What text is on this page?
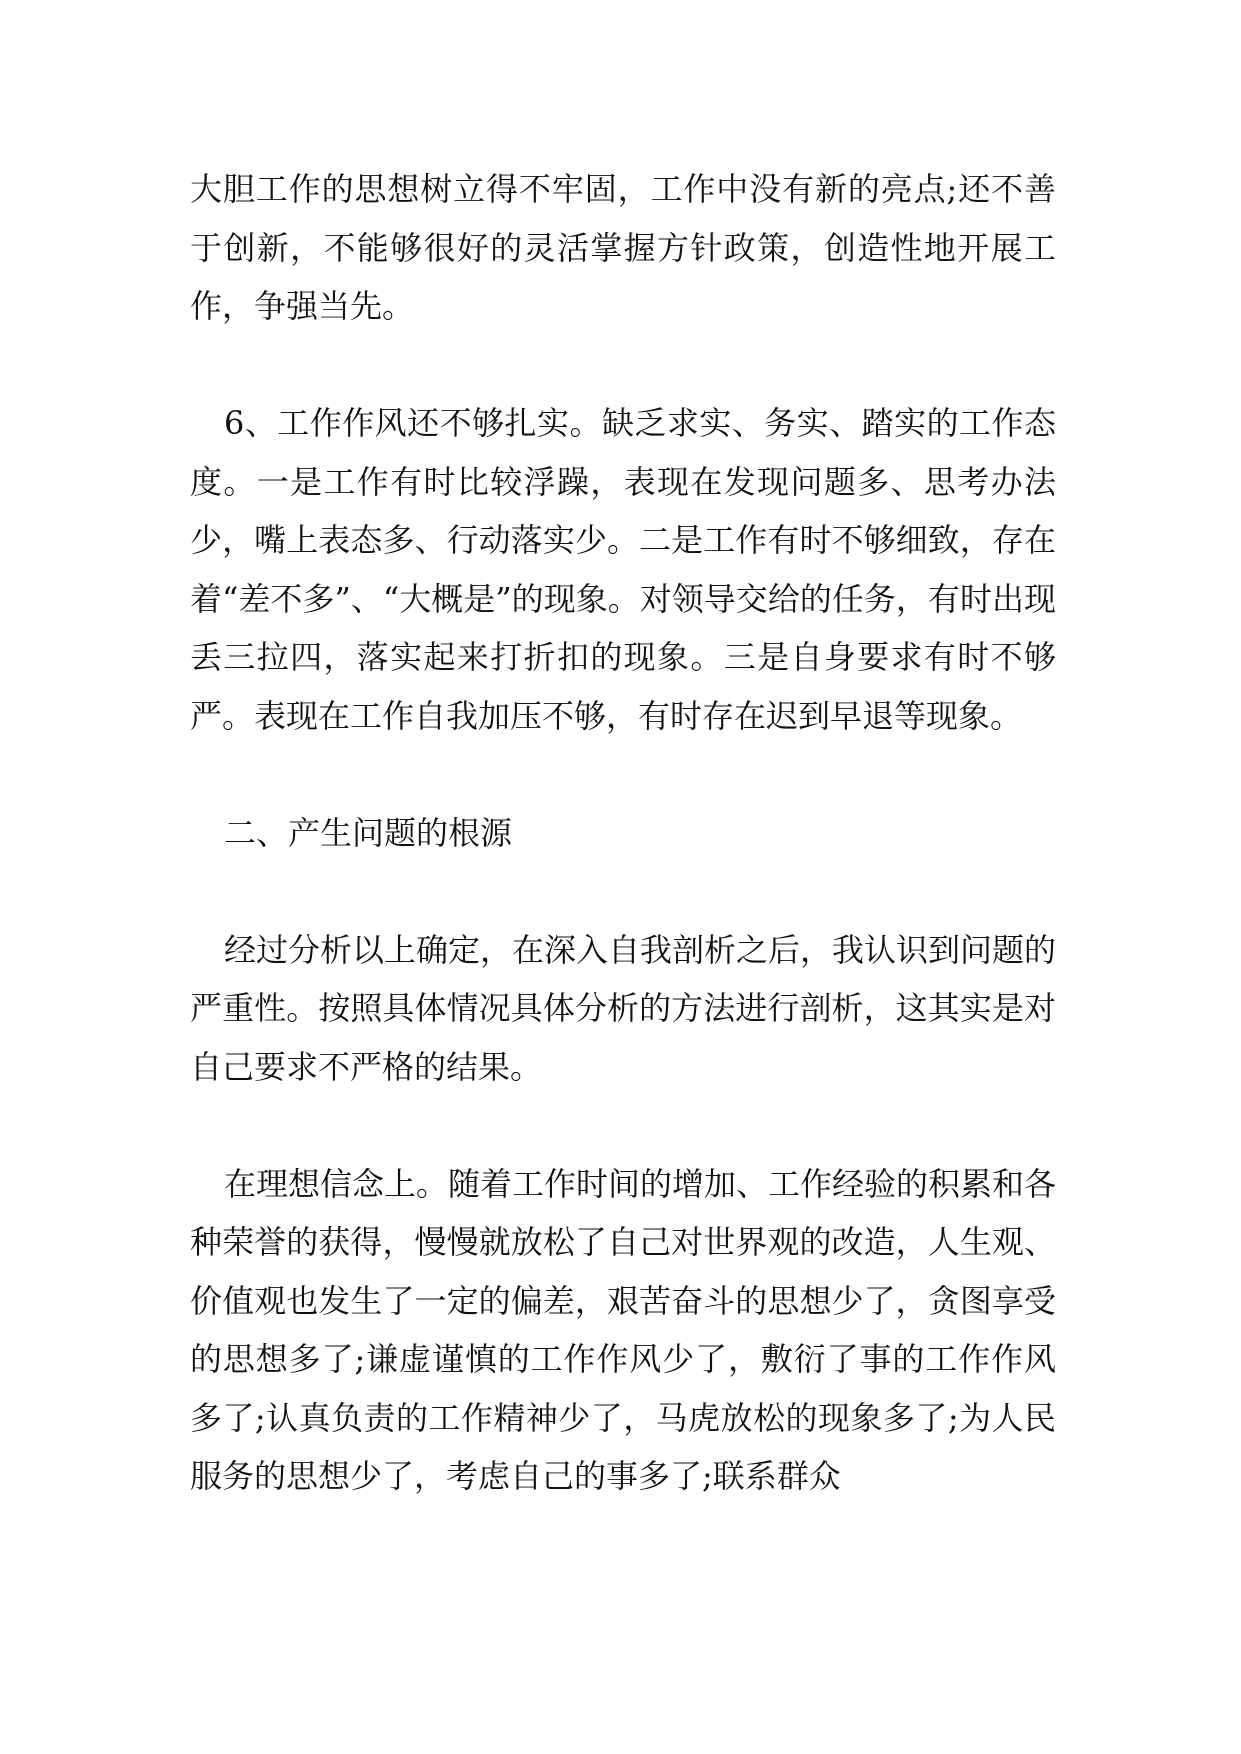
大胆工作的思想树立得不牢固，工作中没有新的亮点;还不善于创新，不能够很好的灵活掌握方针政策，创造性地开展工作，争强当先。

6、工作作风还不够扎实。缺乏求实、务实、踏实的工作态度。一是工作有时比较浮躁，表现在发现问题多、思考办法少，嘴上表态多、行动落实少。二是工作有时不够细致，存在着“差不多”、“大概是”的现象。对领导交给的任务，有时出现丢三拉四，落实起来打折扣的现象。三是自身要求有时不够严。表现在工作自我加压不够，有时存在迟到早退等现象。

二、产生问题的根源

经过分析以上确定，在深入自我剖析之后，我认识到问题的严重性。按照具体情况具体分析的方法进行剖析，这其实是对自己要求不严格的结果。

在理想信念上。随着工作时间的增加、工作经验的积累和各种荣誉的获得，慢慢就放松了自己对世界观的改造，人生观、价值观也发生了一定的偏差，艰苦奋斗的思想少了，贪图享受的思想多了;谦虚谨慎的工作作风少了，敷衍了事的工作作风多了;认真负责的工作精神少了，马虎放松的现象多了;为人民服务的思想少了，考虑自己的事多了;联系群众
